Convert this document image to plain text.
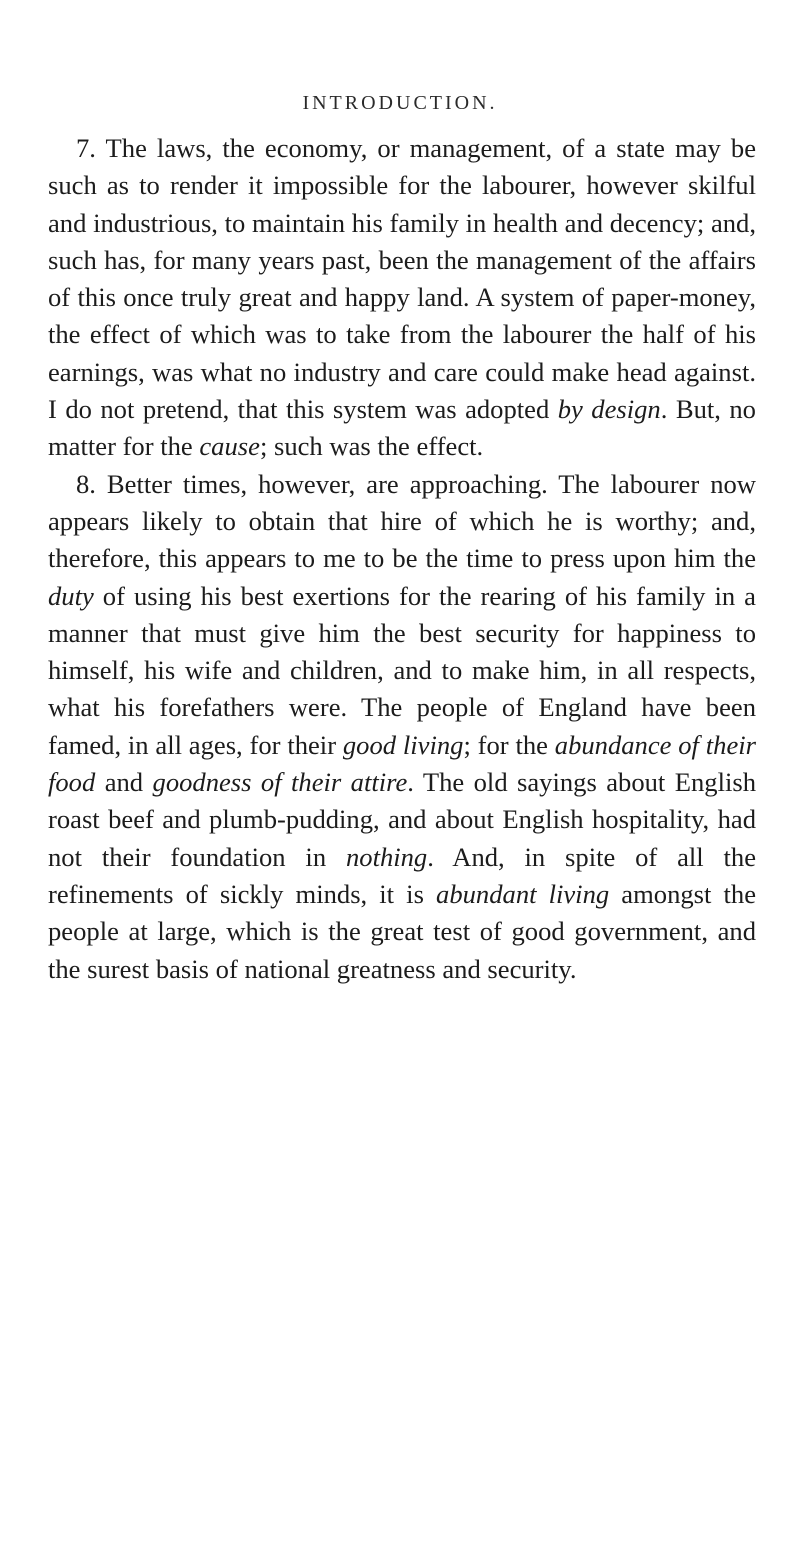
INTRODUCTION.

7. The laws, the economy, or management, of a state may be such as to render it impossible for the labourer, however skilful and industrious, to maintain his family in health and decency; and, such has, for many years past, been the management of the affairs of this once truly great and happy land. A system of paper-money, the effect of which was to take from the labourer the half of his earnings, was what no industry and care could make head against. I do not pretend, that this system was adopted by design. But, no matter for the cause; such was the effect.

8. Better times, however, are approaching. The labourer now appears likely to obtain that hire of which he is worthy; and, therefore, this appears to me to be the time to press upon him the duty of using his best exertions for the rearing of his family in a manner that must give him the best security for happiness to himself, his wife and children, and to make him, in all respects, what his forefathers were. The people of England have been famed, in all ages, for their good living; for the abundance of their food and goodness of their attire. The old sayings about English roast beef and plumb-pudding, and about English hospitality, had not their foundation in nothing. And, in spite of all the refinements of sickly minds, it is abundant living amongst the people at large, which is the great test of good government, and the surest basis of national greatness and security.
